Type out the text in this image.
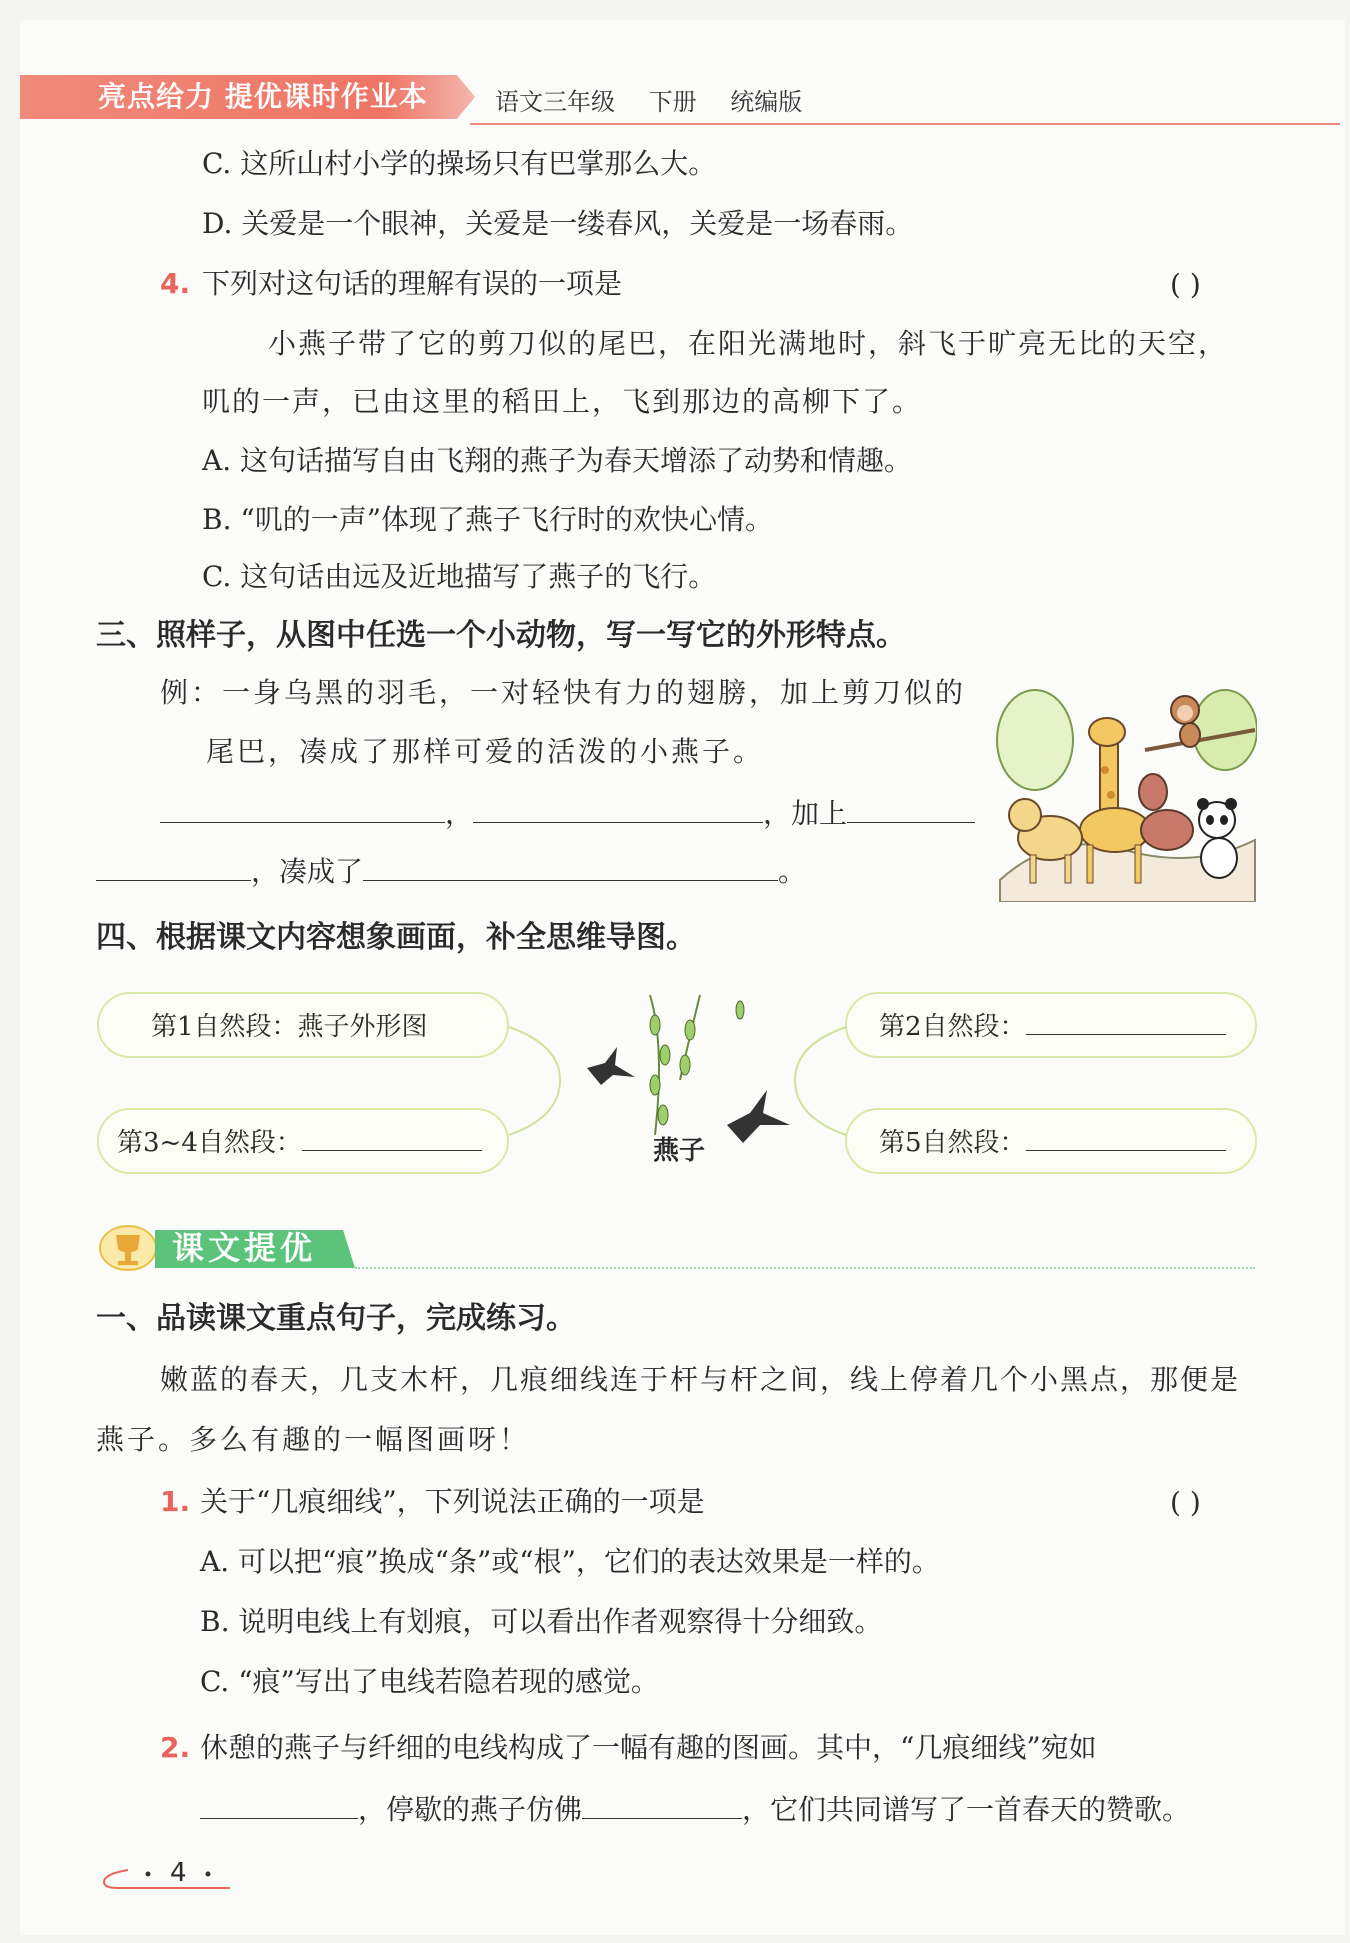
亮点给力 提优课时作业本	语文三年级 下册 统编版
C. 这所山村小学的操场只有巴掌那么大。
D. 关爱是一个眼神，关爱是一缕春风，关爱是一场春雨。
4. 下列对这句话的理解有误的一项是	( )
小燕子带了它的剪刀似的尾巴，在阳光满地时，斜飞于旷亮无比的天空，
叽的一声，已由这里的稻田上，飞到那边的高柳下了。
A. 这句话描写自由飞翔的燕子为春天增添了动势和情趣。
B. “叽的一声”体现了燕子飞行时的欢快心情。
C. 这句话由远及近地描写了燕子的飞行。
三、照样子，从图中任选一个小动物，写一写它的外形特点。
例：一身乌黑的羽毛，一对轻快有力的翅膀，加上剪刀似的
尾巴，凑成了那样可爱的活泼的小燕子。
，	，加上
，凑成了	。
四、根据课文内容想象画面，补全思维导图。
第1自然段：燕子外形图
第3~4自然段：
第2自然段：
第5自然段：
燕子
课文提优
一、品读课文重点句子，完成练习。
嫩蓝的春天，几支木杆，几痕细线连于杆与杆之间，线上停着几个小黑点，那便是
燕子。多么有趣的一幅图画呀！
1. 关于“几痕细线”，下列说法正确的一项是	( )
A. 可以把“痕”换成“条”或“根”，它们的表达效果是一样的。
B. 说明电线上有划痕，可以看出作者观察得十分细致。
C. “痕”写出了电线若隐若现的感觉。
2. 休憩的燕子与纤细的电线构成了一幅有趣的图画。其中，“几痕细线”宛如
，停歇的燕子仿佛	，它们共同谱写了一首春天的赞歌。
4
